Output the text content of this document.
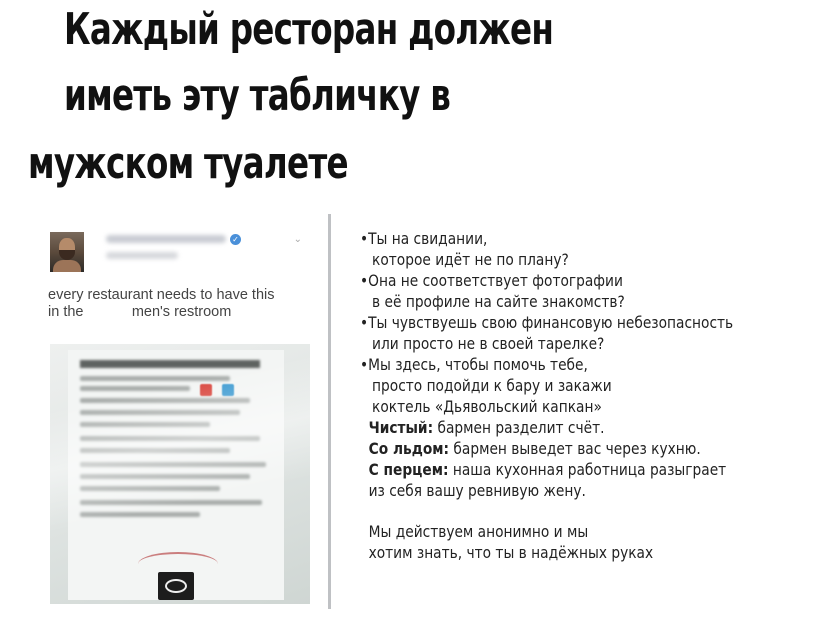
Каждый ресторан должен
иметь эту табличку в
мужском туалете
✓	⌄
every restaurant needs to have this
in the	men's restroom
•Ты на свидании,
которое идёт не по плану?
•Она не соответствует фотографии
в её профиле на сайте знакомств?
•Ты чувствуешь свою финансовую небезопасность
или просто не в своей тарелке?
•Мы здесь, чтобы помочь тебе,
просто подойди к бару и закажи
коктель «Дьявольский капкан»
Чистый: бармен разделит счёт.
Со льдом: бармен выведет вас через кухню.
С перцем: наша кухонная работница разыграет
из себя вашу ревнивую жену.
Мы действуем анонимно и мы
хотим знать, что ты в надёжных руках
